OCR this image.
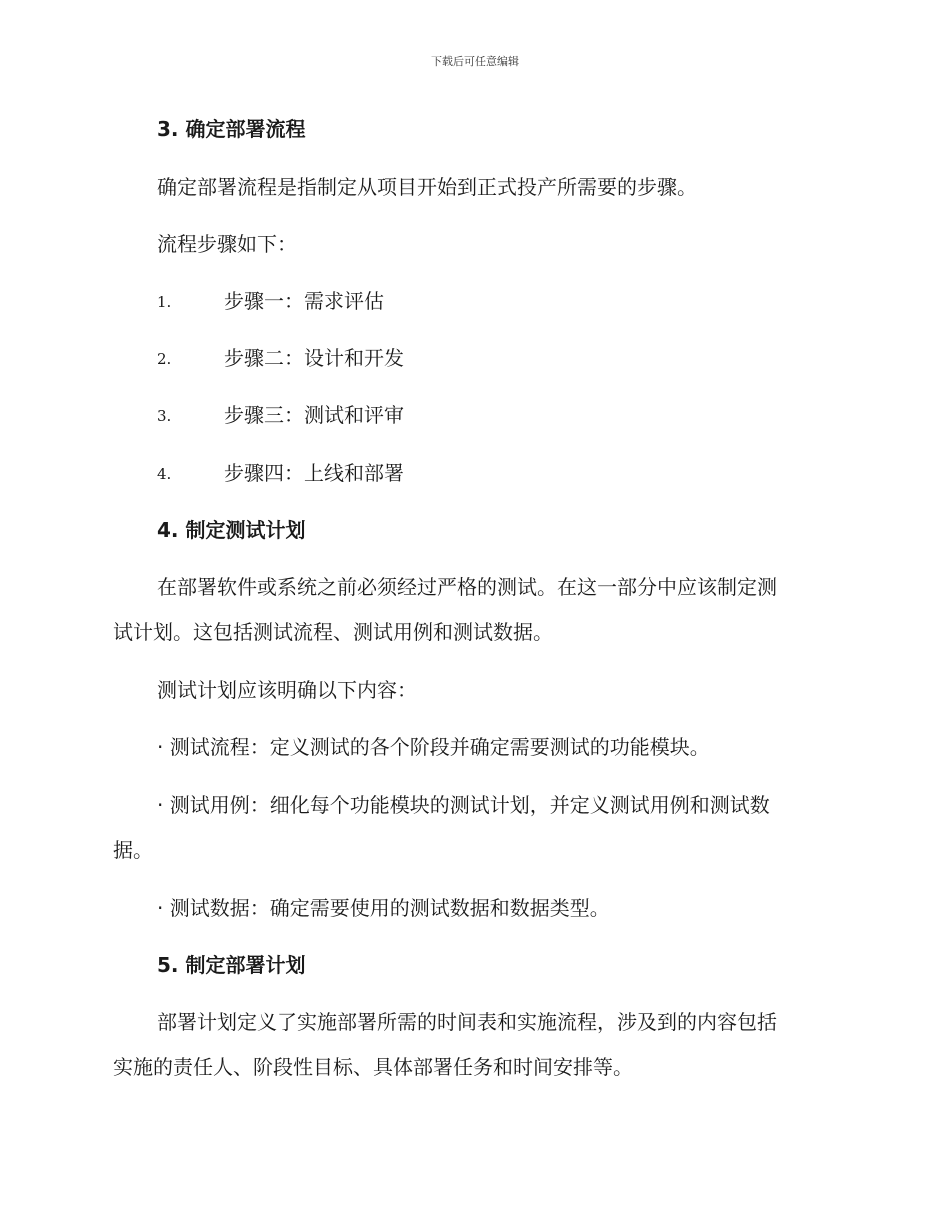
下载后可任意编辑
3. 确定部署流程
确定部署流程是指制定从项目开始到正式投产所需要的步骤。
流程步骤如下：
1.	步骤一：需求评估
2.	步骤二：设计和开发
3.	步骤三：测试和评审
4.	步骤四：上线和部署
4. 制定测试计划
在部署软件或系统之前必须经过严格的测试。在这一部分中应该制定测
试计划。这包括测试流程、测试用例和测试数据。
测试计划应该明确以下内容：
· 测试流程：定义测试的各个阶段并确定需要测试的功能模块。
· 测试用例：细化每个功能模块的测试计划，并定义测试用例和测试数
据。
· 测试数据：确定需要使用的测试数据和数据类型。
5. 制定部署计划
部署计划定义了实施部署所需的时间表和实施流程，涉及到的内容包括
实施的责任人、阶段性目标、具体部署任务和时间安排等。
